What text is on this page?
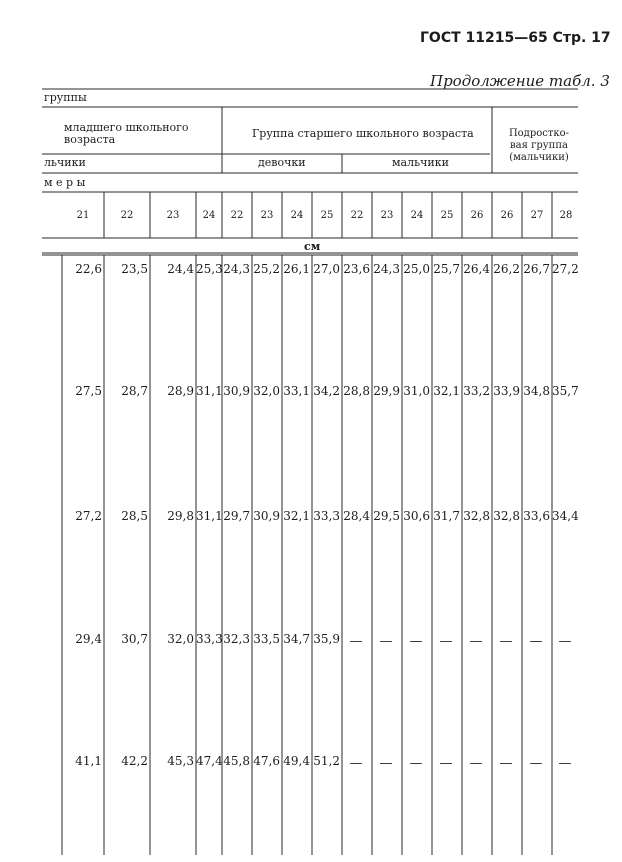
ГОСТ 11215—65 Стр. 17
Продолжение табл. 3
группы
младшего школьного
возраста	Группа старшего школьного возраста	Подростко-
вая группа
(мальчики)
льчики	девочки	мальчики
м е р ы
см
21	22	23	24	22	23	24	25	22	23	24	25	26	26	27	28
22,6	23,5	24,4 25,3 24,3 25,2 26,1 27,0 23,6 24,3 25,0 25,7 26,4 26,2 26,7 27,2
27,5	28,7	28,9 31,1 30,9 32,0 33,1 34,2 28,8 29,9 31,0 32,1 33,2 33,9 34,8 35,7
27,2	28,5	29,8 31,1 29,7 30,9 32,1 33,3 28,4 29,5 30,6 31,7 32,8 32,8 33,6 34,4
29,4	30,7	32,0 33,3 32,3 33,5 34,7 35,9 —	—	—	—	—	—	—	—
41,1	42,2	45,3 47,4 45,8 47,6 49,4 51,2 —	—	—	—	—	—	—	—
